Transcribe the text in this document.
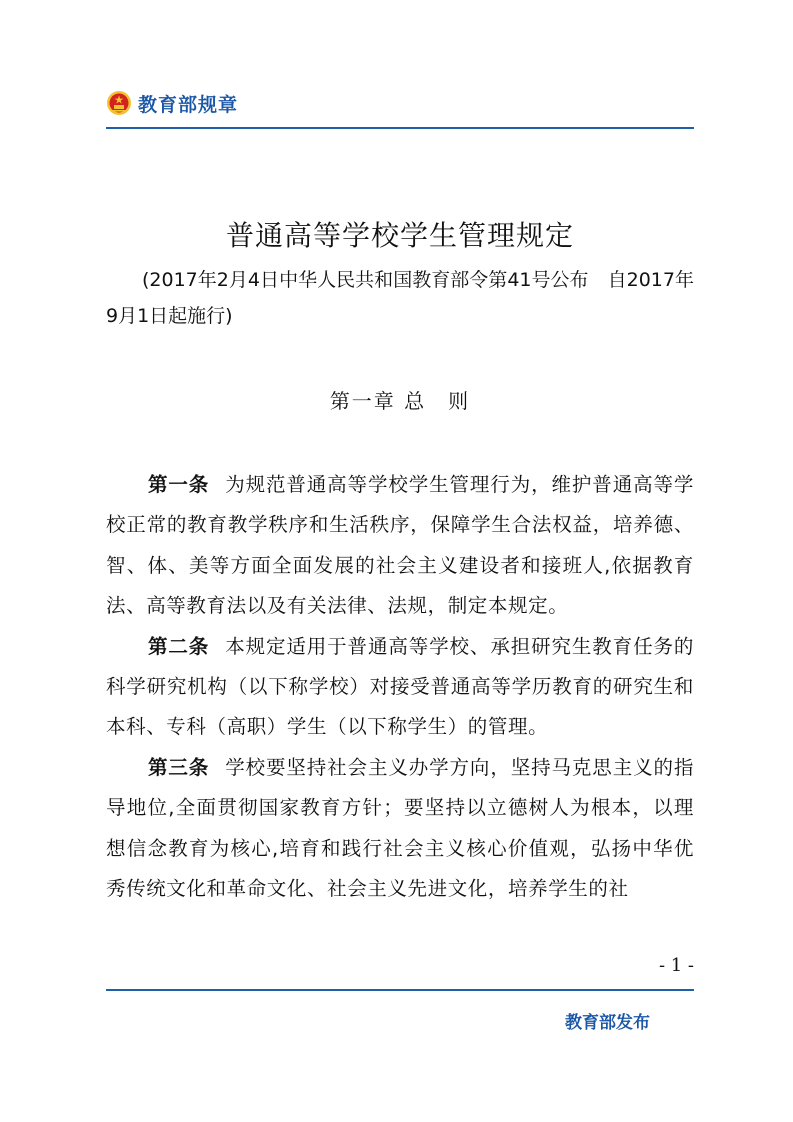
教育部规章
普通高等学校学生管理规定
(2017年2月4日中华人民共和国教育部令第41号公布　自2017年9月1日起施行)
第一章 总　则

第一条 为规范普通高等学校学生管理行为，维护普通高等学校正常的教育教学秩序和生活秩序，保障学生合法权益，培养德、智、体、美等方面全面发展的社会主义建设者和接班人,依据教育法、高等教育法以及有关法律、法规，制定本规定。

第二条 本规定适用于普通高等学校、承担研究生教育任务的科学研究机构（以下称学校）对接受普通高等学历教育的研究生和本科、专科（高职）学生（以下称学生）的管理。

第三条 学校要坚持社会主义办学方向，坚持马克思主义的指导地位,全面贯彻国家教育方针；要坚持以立德树人为根本，以理想信念教育为核心,培育和践行社会主义核心价值观，弘扬中华优秀传统文化和革命文化、社会主义先进文化，培养学生的社

- 1 -
教育部发布
